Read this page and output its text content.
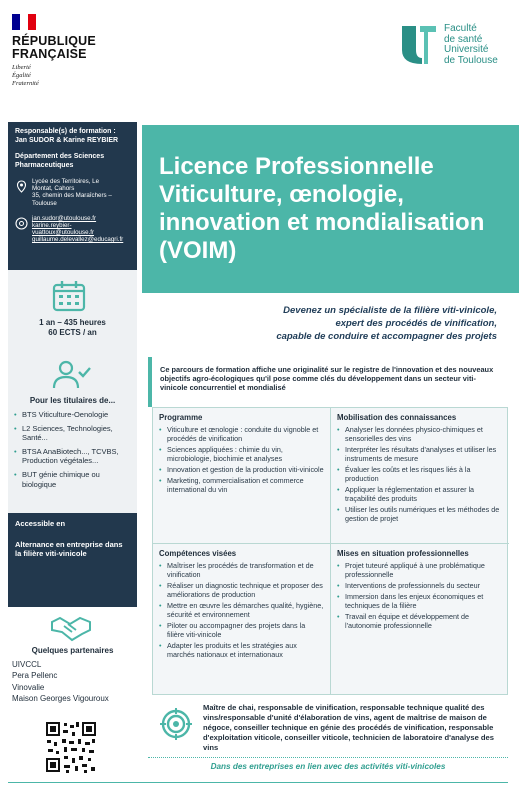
RÉPUBLIQUE
FRANÇAISE
Liberté
Égalité
Fraternité
Faculté
de santé
Université
de Toulouse
Responsable(s) de formation :
Jan SUDOR & Karine REYBIER
Département des Sciences Pharmaceutiques
Lycée des Territoires, Le
Montat, Cahors
35, chemin des Maraîchers –
Toulouse
jan.sudor@utoulouse.fr
karine.reybier-
vuattoux@utoulouse.fr
guillaume.delevallez@educagri.fr
1 an – 435 heures
60 ECTS / an
Pour les titulaires de...
• BTS Viticulture-Oenologie
• L2 Sciences, Technologies, Santé...
• BTSA AnaBiotech..., TCVBS, Production végétales...
• BUT génie chimique ou biologique
Accessible en
Alternance en entreprise dans la filière viti-vinicole
Quelques partenaires
UIVCCL
Pera Pellenc
Vinovalie
Maison Georges Vigouroux
Licence Professionnelle
Viticulture, œnologie,
innovation et mondialisation
(VOIM)
Devenez un spécialiste de la filière viti-vinicole,
expert des procédés de vinification,
capable de conduire et accompagner des projets
Ce parcours de formation affiche une originalité sur le registre de l'innovation et des nouveaux objectifs agro-écologiques qu'il pose comme clés du développement dans un secteur viti-vinicole concurrentiel et mondialisé
Programme
• Viticulture et œnologie : conduite du vignoble et procédés de vinification
• Sciences appliquées : chimie du vin, microbiologie, biochimie et analyses
• Innovation et gestion de la production viti-vinicole
• Marketing, commercialisation et commerce international du vin
Mobilisation des connaissances
• Analyser les données physico-chimiques et sensorielles des vins
• Interpréter les résultats d'analyses et utiliser les instruments de mesure
• Évaluer les coûts et les risques liés à la production
• Appliquer la réglementation et assurer la traçabilité des produits
• Utiliser les outils numériques et les méthodes de gestion de projet
Compétences visées
• Maîtriser les procédés de transformation et de vinification
• Réaliser un diagnostic technique et proposer des améliorations de production
• Mettre en œuvre les démarches qualité, hygiène, sécurité et environnement
• Piloter ou accompagner des projets dans la filière viti-vinicole
• Adapter les produits et les stratégies aux marchés nationaux et internationaux
Mises en situation professionnelles
• Projet tuteuré appliqué à une problématique professionnelle
• Interventions de professionnels du secteur
• Immersion dans les enjeux économiques et techniques de la filière
• Travail en équipe et développement de l'autonomie professionnelle
Maître de chai, responsable de vinification, responsable technique qualité des vins/responsable d'unité d'élaboration de vins, agent de maîtrise de maison de négoce, conseiller technique en génie des procédés de vinification, responsable d'exploitation viticole, conseiller viticole, technicien de laboratoire d'analyse des vins
Dans des entreprises en lien avec des activités viti-vinicoles
